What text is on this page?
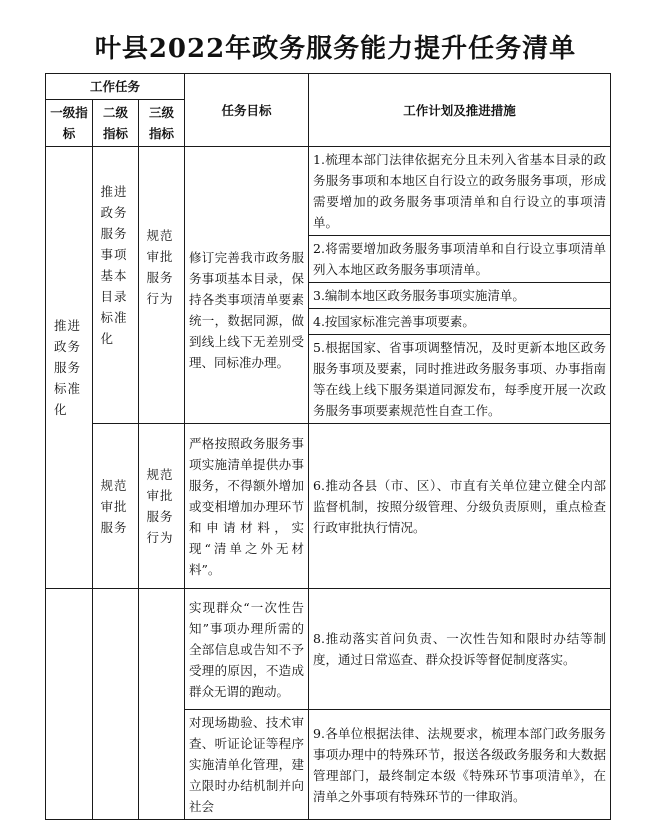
叶县2022年政务服务能力提升任务清单
工作任务			任务目标	工作计划及推进措施
一级指标	二级指标	三级指标		
推进政务服务标准化	推进政务服务事项基本目录标准化	规范审批服务行为	修订完善我市政务服务事项基本目录，保持各类事项清单要素统一，数据同源，做到线上线下无差别受理、同标准办理。	1.梳理本部门法律依据充分且未列入省基本目录的政务服务事项和本地区自行设立的政务服务事项，形成需要增加的政务服务事项清单和自行设立的事项清单。
				2.将需要增加政务服务事项清单和自行设立事项清单列入本地区政务服务事项清单。
				3.编制本地区政务服务事项实施清单。
				4.按国家标准完善事项要素。
				5.根据国家、省事项调整情况，及时更新本地区政务服务事项及要素，同时推进政务服务事项、办事指南等在线上线下服务渠道同源发布，每季度开展一次政务服务事项要素规范性自查工作。
	规范审批服务	规范审批服务行为	严格按照政务服务事项实施清单提供办事服务，不得额外增加或变相增加办理环节和申请材料，实现“清单之外无材料”。	6.推动各县（市、区）、市直有关单位建立健全内部监督机制，按照分级管理、分级负责原则，重点检查行政审批执行情况。
			实现群众“一次性告知”事项办理所需的全部信息或告知不予受理的原因，不造成群众无谓的跑动。	8.推动落实首问负责、一次性告知和限时办结等制度，通过日常巡查、群众投诉等督促制度落实。
			对现场勘验、技术审查、听证论证等程序实施清单化管理，建立限时办结机制并向社会	9.各单位根据法律、法规要求，梳理本部门政务服务事项办理中的特殊环节，报送各级政务服务和大数据管理部门，最终制定本级《特殊环节事项清单》，在清单之外事项有特殊环节的一律取消。
